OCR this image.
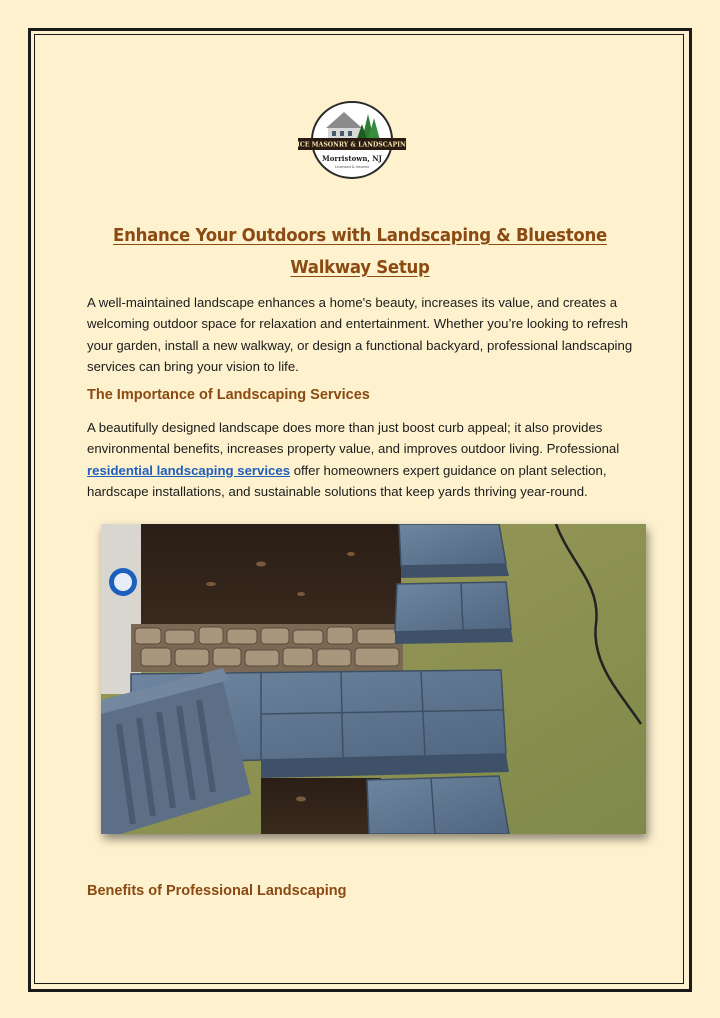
MCE MASONRY & LANDSCAPING
Morristown, NJ
Licensed & Insured
Enhance Your Outdoors with Landscaping & Bluestone Walkway Setup
A well-maintained landscape enhances a home's beauty, increases its value, and creates a welcoming outdoor space for relaxation and entertainment. Whether you’re looking to refresh your garden, install a new walkway, or design a functional backyard, professional landscaping services can bring your vision to life.
The Importance of Landscaping Services
A beautifully designed landscape does more than just boost curb appeal; it also provides environmental benefits, increases property value, and improves outdoor living. Professional residential landscaping services offer homeowners expert guidance on plant selection, hardscape installations, and sustainable solutions that keep yards thriving year-round.
Benefits of Professional Landscaping
